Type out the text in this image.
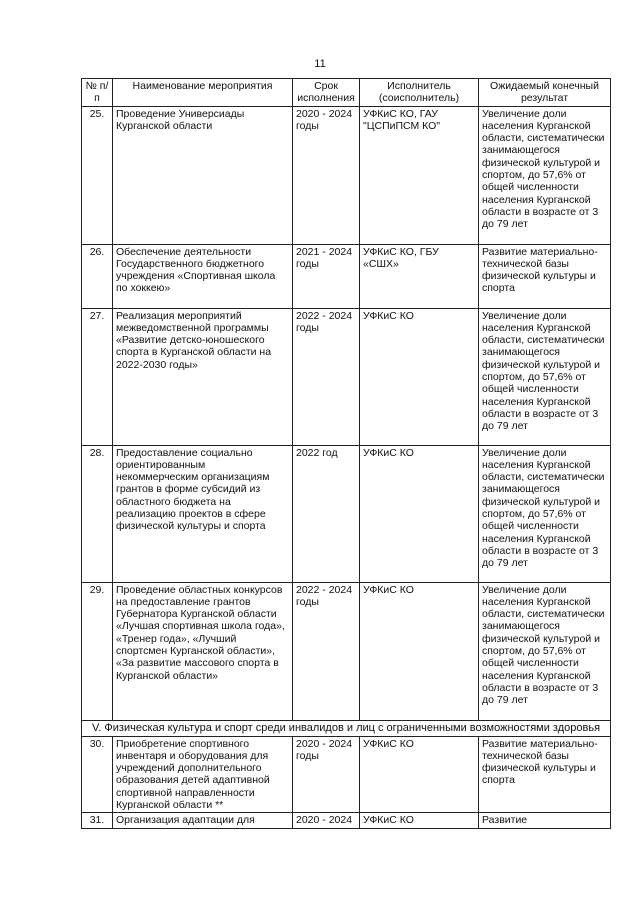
11
№ п/п	Наименование мероприятия	Срок исполнения	Исполнитель (соисполнитель)	Ожидаемый конечный результат
25.	Проведение Универсиады Курганской области	2020 - 2024 годы	УФКиС КО, ГАУ "ЦСПиПСМ КО"	Увеличение доли населения Курганской области, систематически занимающегося физической культурой и спортом, до 57,6% от общей численности населения Курганской области в возрасте от 3 до 79 лет
26.	Обеспечение деятельности Государственного бюджетного учреждения «Спортивная школа по хоккею»	2021 - 2024 годы	УФКиС КО, ГБУ «СШХ»	Развитие материально-технической базы физической культуры и спорта
27.	Реализация мероприятий межведомственной программы «Развитие детско-юношеского спорта в Курганской области на 2022-2030 годы»	2022 - 2024 годы	УФКиС КО	Увеличение доли населения Курганской области, систематически занимающегося физической культурой и спортом, до 57,6% от общей численности населения Курганской области в возрасте от 3 до 79 лет
28.	Предоставление социально ориентированным некоммерческим организациям грантов в форме субсидий из областного бюджета на реализацию проектов в сфере физической культуры и спорта	2022 год	УФКиС КО	Увеличение доли населения Курганской области, систематически занимающегося физической культурой и спортом, до 57,6% от общей численности населения Курганской области в возрасте от 3 до 79 лет
29.	Проведение областных конкурсов на предоставление грантов Губернатора Курганской области «Лучшая спортивная школа года», «Тренер года», «Лучший спортсмен Курганской области», «За развитие массового спорта в Курганской области»	2022 - 2024 годы	УФКиС КО	Увеличение доли населения Курганской области, систематически занимающегося физической культурой и спортом, до 57,6% от общей численности населения Курганской области в возрасте от 3 до 79 лет
V. Физическая культура и спорт среди инвалидов и лиц с ограниченными возможностями здоровья				
30.	Приобретение спортивного инвентаря и оборудования для учреждений дополнительного образования детей адаптивной спортивной направленности Курганской области **	2020 - 2024 годы	УФКиС КО	Развитие материально-технической базы физической культуры и спорта
31.	Организация адаптации для	2020 - 2024	УФКиС КО	Развитие
